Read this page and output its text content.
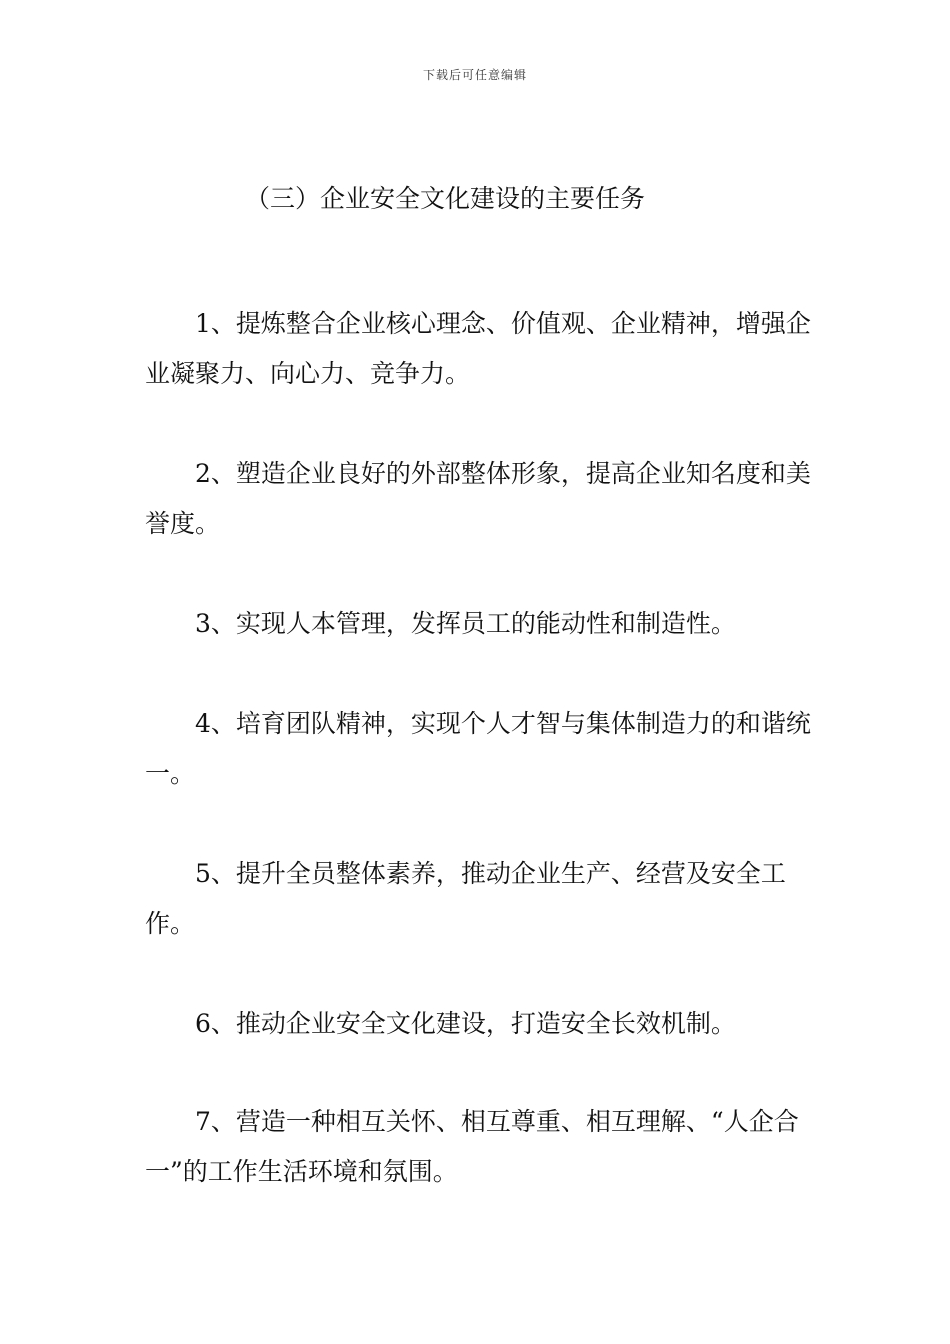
下载后可任意编辑
（三）企业安全文化建设的主要任务

1、提炼整合企业核心理念、价值观、企业精神，增强企业凝聚力、向心力、竞争力。

2、塑造企业良好的外部整体形象，提高企业知名度和美誉度。

3、实现人本管理，发挥员工的能动性和制造性。

4、培育团队精神，实现个人才智与集体制造力的和谐统一。

5、提升全员整体素养，推动企业生产、经营及安全工作。

6、推动企业安全文化建设，打造安全长效机制。

7、营造一种相互关怀、相互尊重、相互理解、“人企合一”的工作生活环境和氛围。
